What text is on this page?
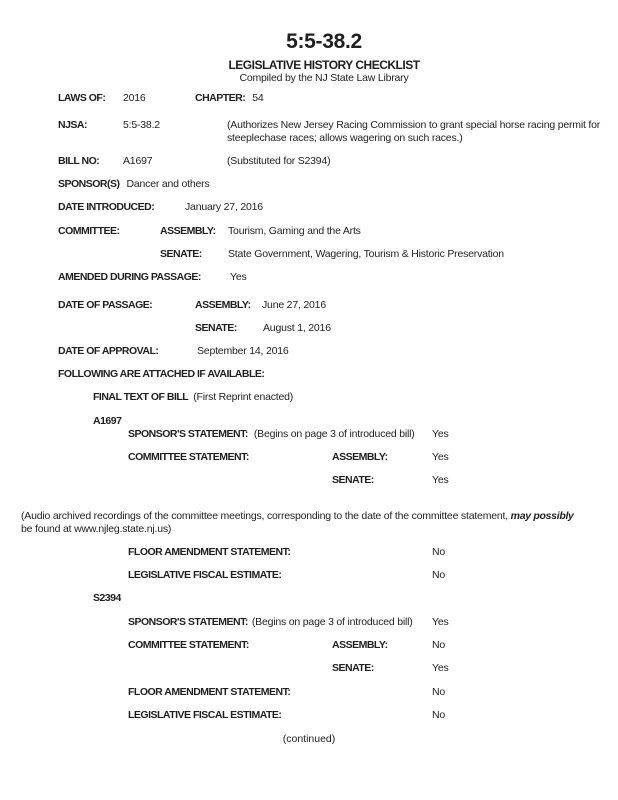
5:5-38.2
LEGISLATIVE HISTORY CHECKLIST
Compiled by the NJ State Law Library
LAWS OF: 2016	CHAPTER: 54
NJSA:	5:5-38.2	(Authorizes New Jersey Racing Commission to grant special horse racing permit for
steeplechase races; allows wagering on such races.)
BILL NO: A1697	(Substituted for S2394)
SPONSOR(S) Dancer and others
DATE INTRODUCED:	January 27, 2016
COMMITTEE:	ASSEMBLY: Tourism, Gaming and the Arts
SENATE: State Government, Wagering, Tourism & Historic Preservation
AMENDED DURING PASSAGE:	Yes
DATE OF PASSAGE:	ASSEMBLY: June 27, 2016
SENATE: August 1, 2016
DATE OF APPROVAL:	September 14, 2016
FOLLOWING ARE ATTACHED IF AVAILABLE:
FINAL TEXT OF BILL (First Reprint enacted)
A1697
SPONSOR'S STATEMENT: (Begins on page 3 of introduced bill) Yes
COMMITTEE STATEMENT:	ASSEMBLY:	Yes
SENATE:	Yes
(Audio archived recordings of the committee meetings, corresponding to the date of the committee statement, may possibly
be found at www.njleg.state.nj.us)
FLOOR AMENDMENT STATEMENT:	No
LEGISLATIVE FISCAL ESTIMATE:	No
S2394
SPONSOR'S STATEMENT: (Begins on page 3 of introduced bill) Yes
COMMITTEE STATEMENT:	ASSEMBLY:	No
SENATE:	Yes
FLOOR AMENDMENT STATEMENT:	No
LEGISLATIVE FISCAL ESTIMATE:	No
(continued)
